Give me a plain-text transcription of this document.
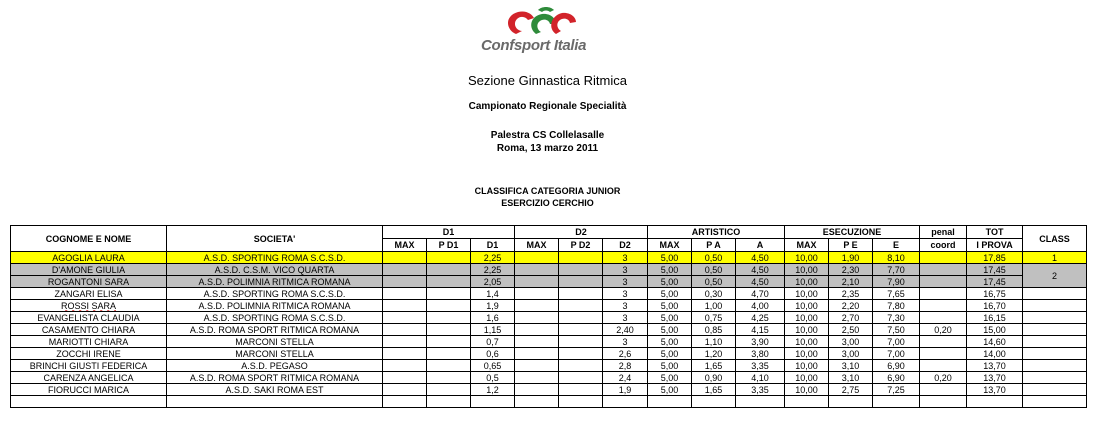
Confsport Italia
Sezione Ginnastica Ritmica
Campionato Regionale Specialità
Palestra CS Collelasalle
Roma, 13 marzo 2011
CLASSIFICA CATEGORIA JUNIOR
ESERCIZIO CERCHIO
COGNOME E NOME	SOCIETA'	D1			D2			ARTISTICO			ESECUZIONE			penal	TOT	CLASS
		MAX	P D1	D1	MAX	P D2	D2	MAX	P A	A	MAX	P E	E	coord	I PROVA	
AGOGLIA LAURA	A.S.D. SPORTING ROMA S.C.S.D.			2,25			3	5,00	0,50	4,50	10,00	1,90	8,10		17,85	1
D'AMONE GIULIA	A.S.D. C.S.M. VICO QUARTA			2,25			3	5,00	0,50	4,50	10,00	2,30	7,70		17,45	2
ROGANTONI SARA	A.S.D. POLIMNIA RITMICA ROMANA			2,05			3	5,00	0,50	4,50	10,00	2,10	7,90		17,45	
ZANGARI ELISA	A.S.D. SPORTING ROMA S.C.S.D.			1,4			3	5,00	0,30	4,70	10,00	2,35	7,65		16,75	
ROSSI SARA	A.S.D. POLIMNIA RITMICA ROMANA			1,9			3	5,00	1,00	4,00	10,00	2,20	7,80		16,70	
EVANGELISTA CLAUDIA	A.S.D. SPORTING ROMA S.C.S.D.			1,6			3	5,00	0,75	4,25	10,00	2,70	7,30		16,15	
CASAMENTO CHIARA	A.S.D. ROMA SPORT RITMICA ROMANA			1,15			2,40	5,00	0,85	4,15	10,00	2,50	7,50	0,20	15,00	
MARIOTTI CHIARA	MARCONI STELLA			0,7			3	5,00	1,10	3,90	10,00	3,00	7,00		14,60	
ZOCCHI IRENE	MARCONI STELLA			0,6			2,6	5,00	1,20	3,80	10,00	3,00	7,00		14,00	
BRINCHI GIUSTI FEDERICA	A.S.D. PEGASO			0,65			2,8	5,00	1,65	3,35	10,00	3,10	6,90		13,70	
CARENZA ANGELICA	A.S.D. ROMA SPORT RITMICA ROMANA			0,5			2,4	5,00	0,90	4,10	10,00	3,10	6,90	0,20	13,70	
FIORUCCI MARICA	A.S.D. SAKI ROMA EST			1,2			1,9	5,00	1,65	3,35	10,00	2,75	7,25		13,70	
